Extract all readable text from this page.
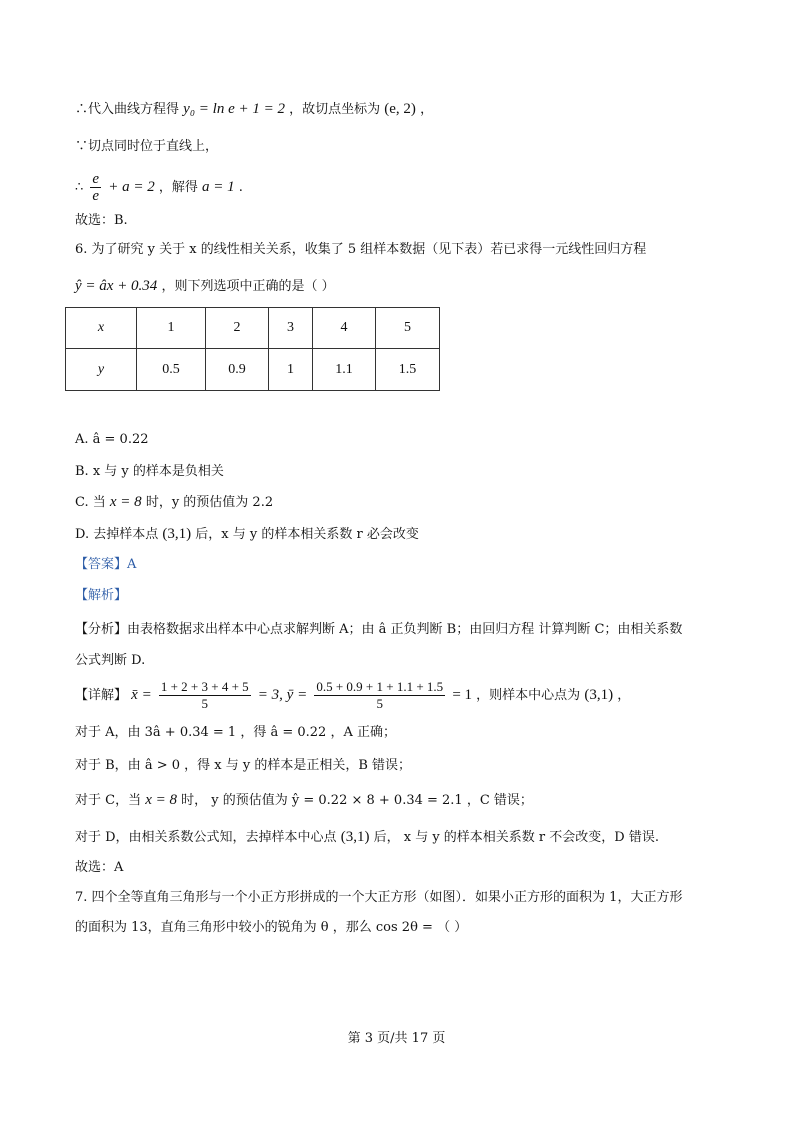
∴代入曲线方程得 y₀ = ln e + 1 = 2 ，故切点坐标为 (e, 2) ，
∵切点同时位于直线上，
∴ $\frac{e}{e} + a = 2$ ，解得 a = 1 .
故选：B.
6. 为了研究 y 关于 x 的线性相关关系，收集了 5 组样本数据（见下表）若已求得一元线性回归方程
ŷ = âx + 0.34 ，则下列选项中正确的是（ ）
x	1	2	3	4	5
y	0.5	0.9	1	1.1	1.5
A. â = 0.22
B. x 与 y 的样本是负相关
C. 当 x = 8 时，y 的预估值为 2.2
D. 去掉样本点 (3,1) 后，x 与 y 的样本相关系数 r 必会改变
【答案】A
【解析】
【分析】由表格数据求出样本中心点求解判断 A；由 â 正负判断 B；由回归方程 计算判断 C；由相关系数
公式判断 D.
【详解】 x̄ = $\frac{1 + 2 + 3 + 4 + 5}{5} = 3$, ȳ = $\frac{0.5 + 0.9 + 1 + 1.1 + 1.5}{5} = 1$ ，则样本中心点为 (3,1) ，
对于 A，由 3â + 0.34 = 1 ，得 â = 0.22 ，A 正确；
对于 B，由 â > 0 ，得 x 与 y 的样本是正相关，B 错误；
对于 C，当 x = 8 时， y 的预估值为 ŷ = 0.22 × 8 + 0.34 = 2.1 ，C 错误；
对于 D，由相关系数公式知，去掉样本中心点 (3,1) 后， x 与 y 的样本相关系数 r 不会改变，D 错误.
故选：A
7. 四个全等直角三角形与一个小正方形拼成的一个大正方形（如图）．如果小正方形的面积为 1，大正方形
的面积为 13，直角三角形中较小的锐角为 θ ，那么 cos 2θ = （ ）
第 3 页/共 17 页
